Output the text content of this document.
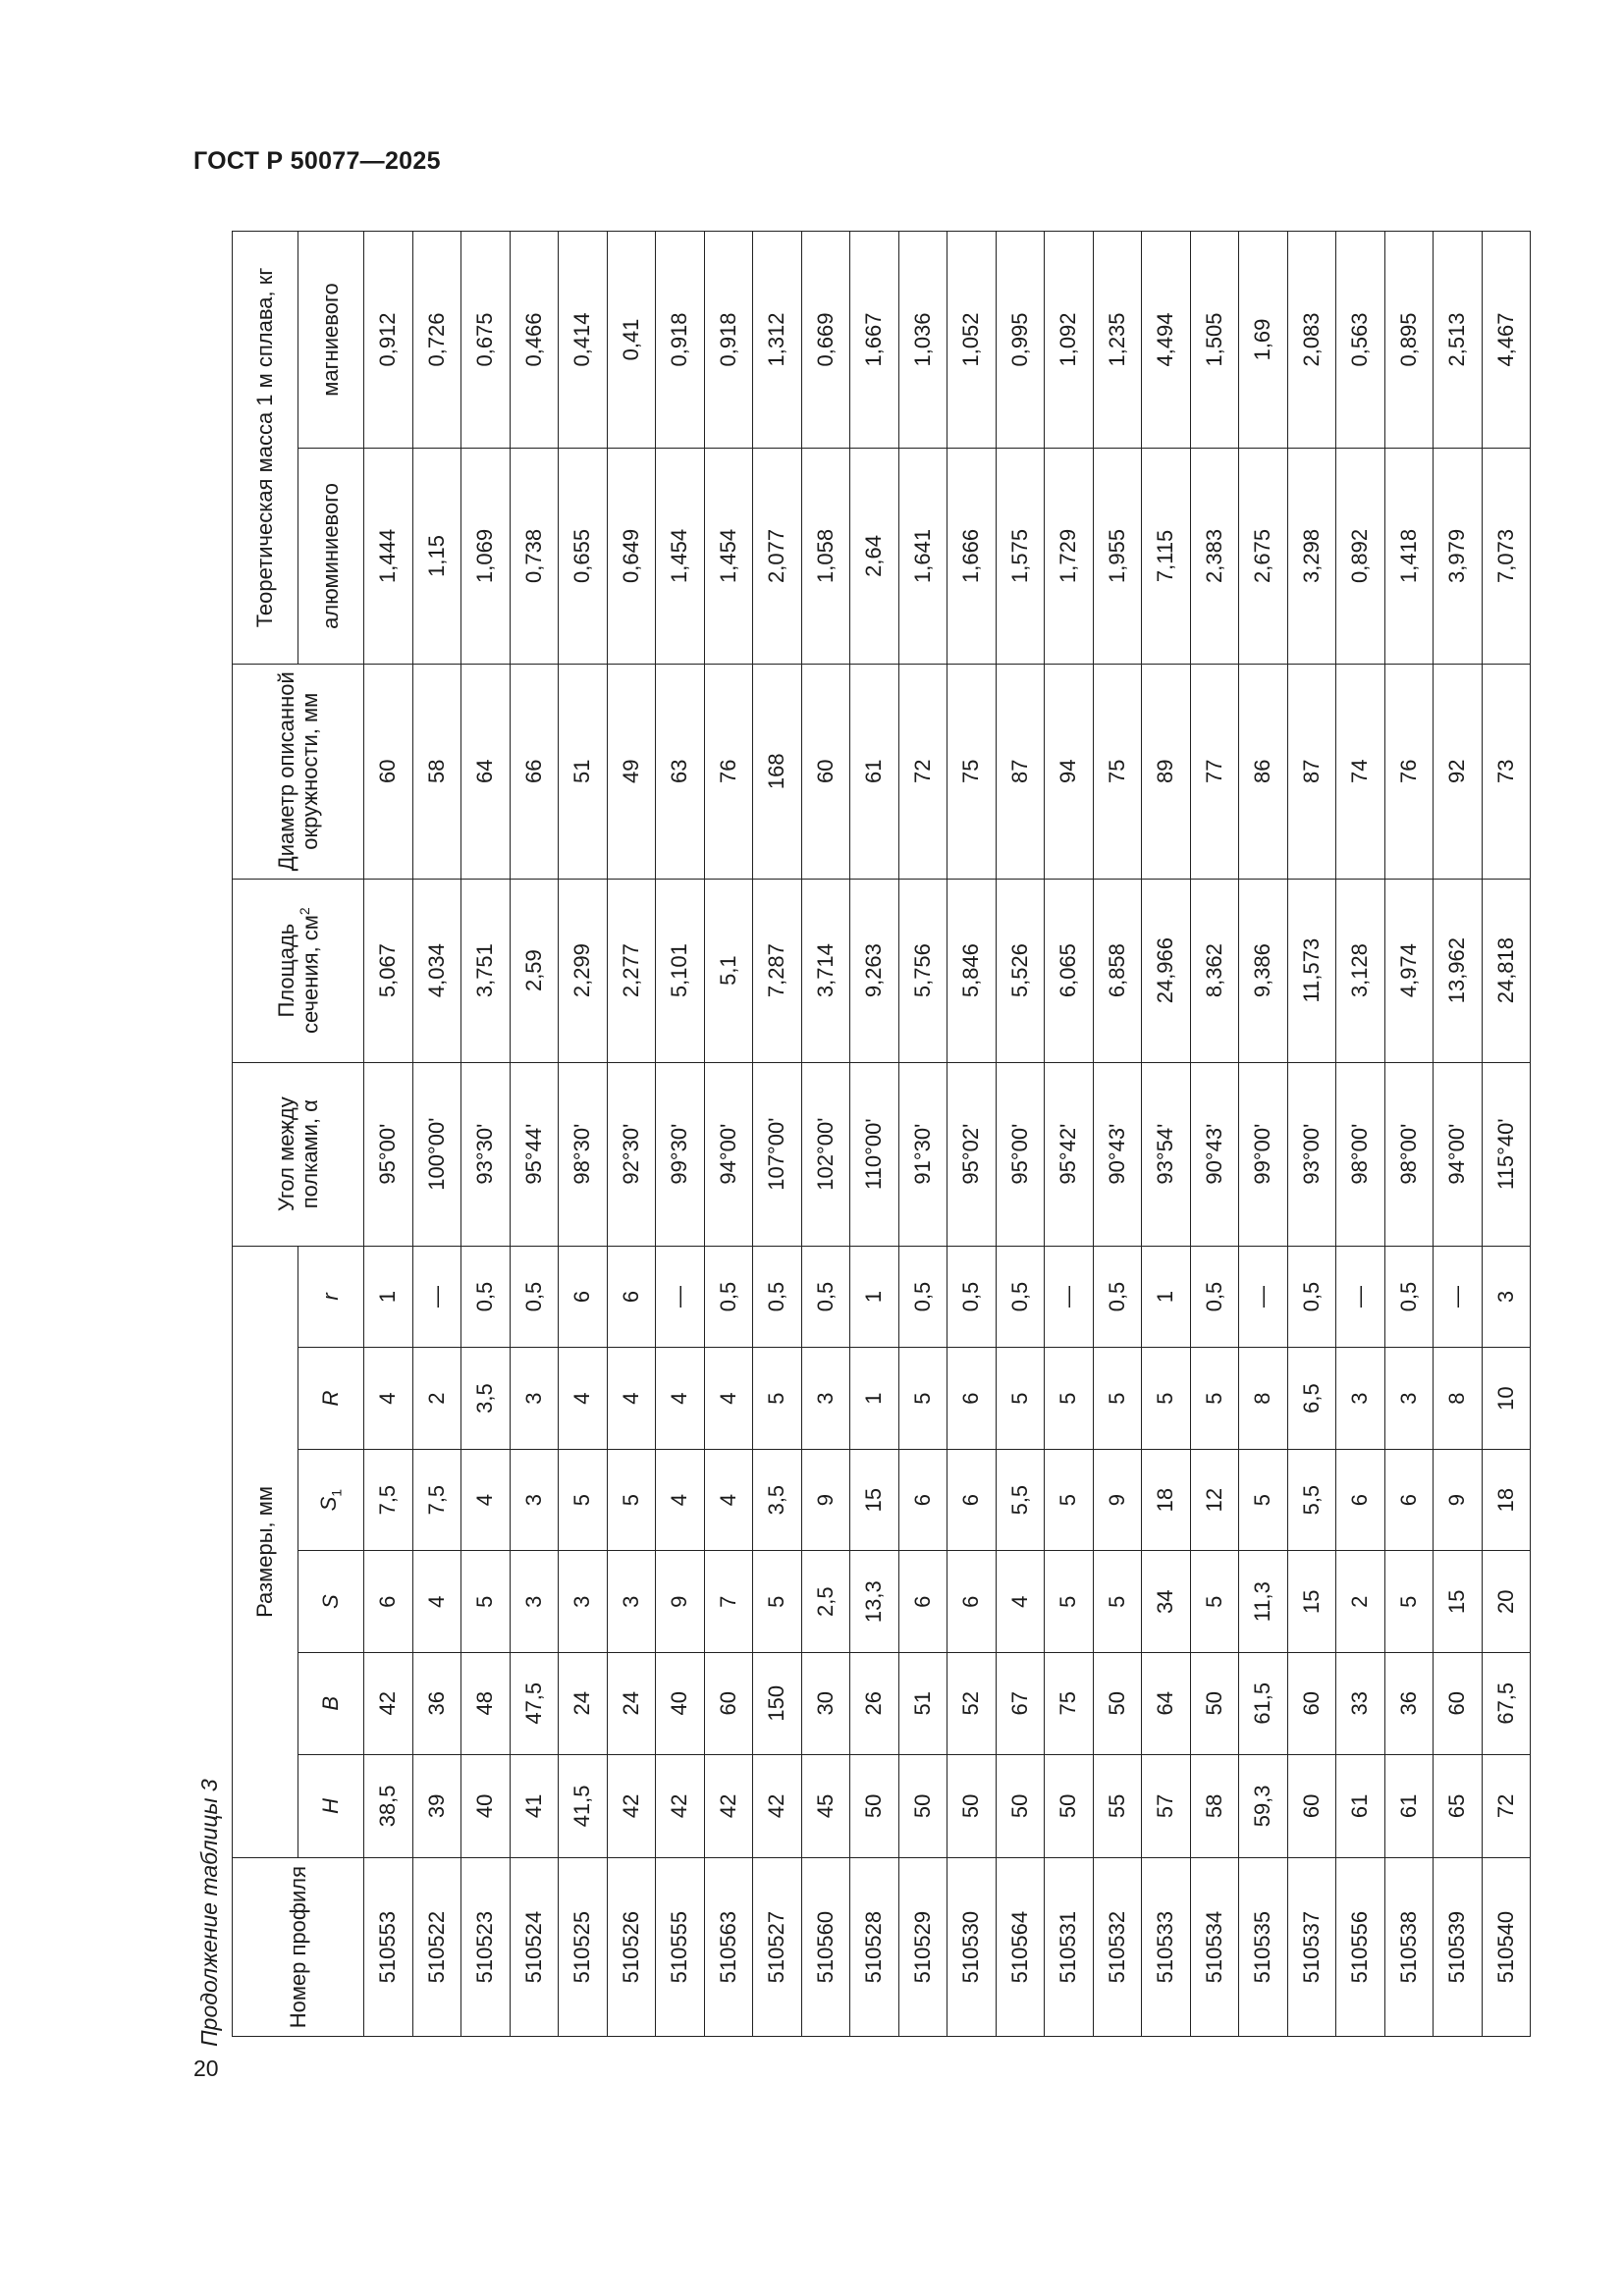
ГОСТ Р 50077—2025
20
Продолжение таблицы 3	Номер профиля	Размеры, мм						Угол между полками, α	Площадь сечения, $см^2$	Диаметр описанной окружности, мм	Теоретическая масса 1 м сплава, кг	
	H	B	S	$S_1$	R	r				алюминиевого	магниевого
510553	38,5	42	6	7,5	4	1	95°00ʹ	5,067	60	1,444	0,912
510522	39	36	4	7,5	2	—	100°00ʹ	4,034	58	1,15	0,726
510523	40	48	5	4	3,5	0,5	93°30ʹ	3,751	64	1,069	0,675
510524	41	47,5	3	3	3	0,5	95°44ʹ	2,59	66	0,738	0,466
510525	41,5	24	3	5	4	6	98°30ʹ	2,299	51	0,655	0,414
510526	42	24	3	5	4	6	92°30ʹ	2,277	49	0,649	0,41
510555	42	40	9	4	4	—	99°30ʹ	5,101	63	1,454	0,918
510563	42	60	7	4	4	0,5	94°00ʹ	5,1	76	1,454	0,918
510527	42	150	5	3,5	5	0,5	107°00ʹ	7,287	168	2,077	1,312
510560	45	30	2,5	9	3	0,5	102°00ʹ	3,714	60	1,058	0,669
510528	50	26	13,3	15	1	1	110°00ʹ	9,263	61	2,64	1,667
510529	50	51	6	6	5	0,5	91°30ʹ	5,756	72	1,641	1,036
510530	50	52	6	6	6	0,5	95°02ʹ	5,846	75	1,666	1,052
510564	50	67	4	5,5	5	0,5	95°00ʹ	5,526	87	1,575	0,995
510531	50	75	5	5	5	—	95°42ʹ	6,065	94	1,729	1,092
510532	55	50	5	9	5	0,5	90°43ʹ	6,858	75	1,955	1,235
510533	57	64	34	18	5	1	93°54ʹ	24,966	89	7,115	4,494
510534	58	50	5	12	5	0,5	90°43ʹ	8,362	77	2,383	1,505
510535	59,3	61,5	11,3	5	8	—	99°00ʹ	9,386	86	2,675	1,69
510537	60	60	15	5,5	6,5	0,5	93°00ʹ	11,573	87	3,298	2,083
510556	61	33	2	6	3	—	98°00ʹ	3,128	74	0,892	0,563
510538	61	36	5	6	3	0,5	98°00ʹ	4,974	76	1,418	0,895
510539	65	60	15	9	8	—	94°00ʹ	13,962	92	3,979	2,513
510540	72	67,5	20	18	10	3	115°40ʹ	24,818	73	7,073	4,467
